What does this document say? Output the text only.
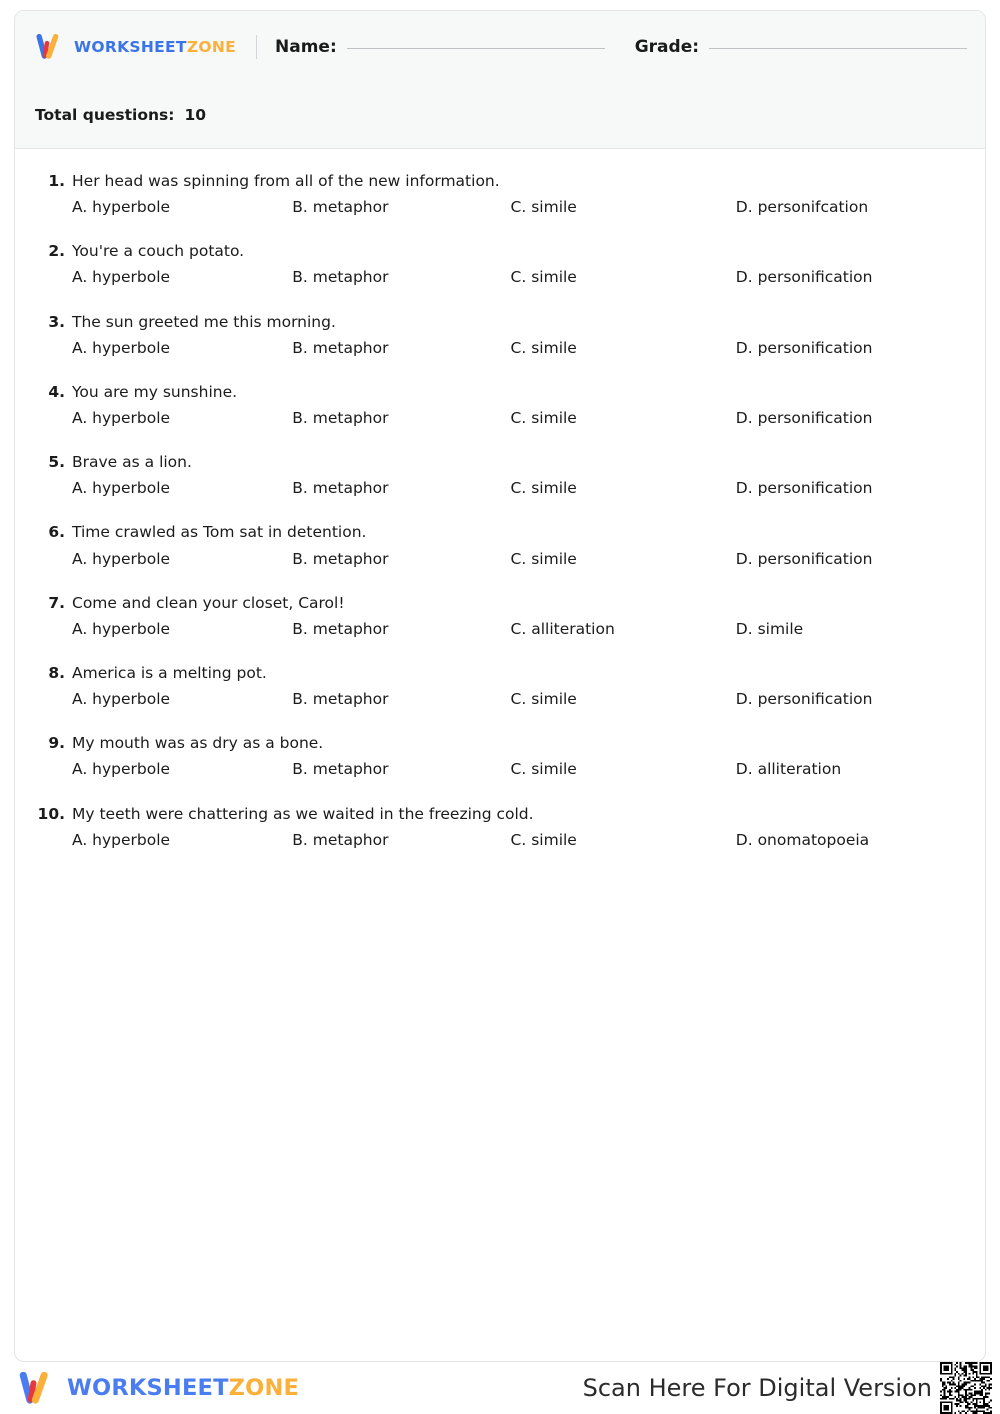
WORKSHEETZONE Name:	Grade:
Total questions: 10
1. Her head was spinning from all of the new information.
A. hyperbole	B. metaphor	C. simile	D. personifcation
2. You're a couch potato.
A. hyperbole	B. metaphor	C. simile	D. personification
3. The sun greeted me this morning.
A. hyperbole	B. metaphor	C. simile	D. personification
4. You are my sunshine.
A. hyperbole	B. metaphor	C. simile	D. personification
5. Brave as a lion.
A. hyperbole	B. metaphor	C. simile	D. personification
6. Time crawled as Tom sat in detention.
A. hyperbole	B. metaphor	C. simile	D. personification
7. Come and clean your closet, Carol!
A. hyperbole	B. metaphor	C. alliteration	D. simile
8. America is a melting pot.
A. hyperbole	B. metaphor	C. simile	D. personification
9. My mouth was as dry as a bone.
A. hyperbole	B. metaphor	C. simile	D. alliteration
10. My teeth were chattering as we waited in the freezing cold.
A. hyperbole	B. metaphor	C. simile	D. onomatopoeia
WORKSHEETZONE	Scan Here For Digital Version
